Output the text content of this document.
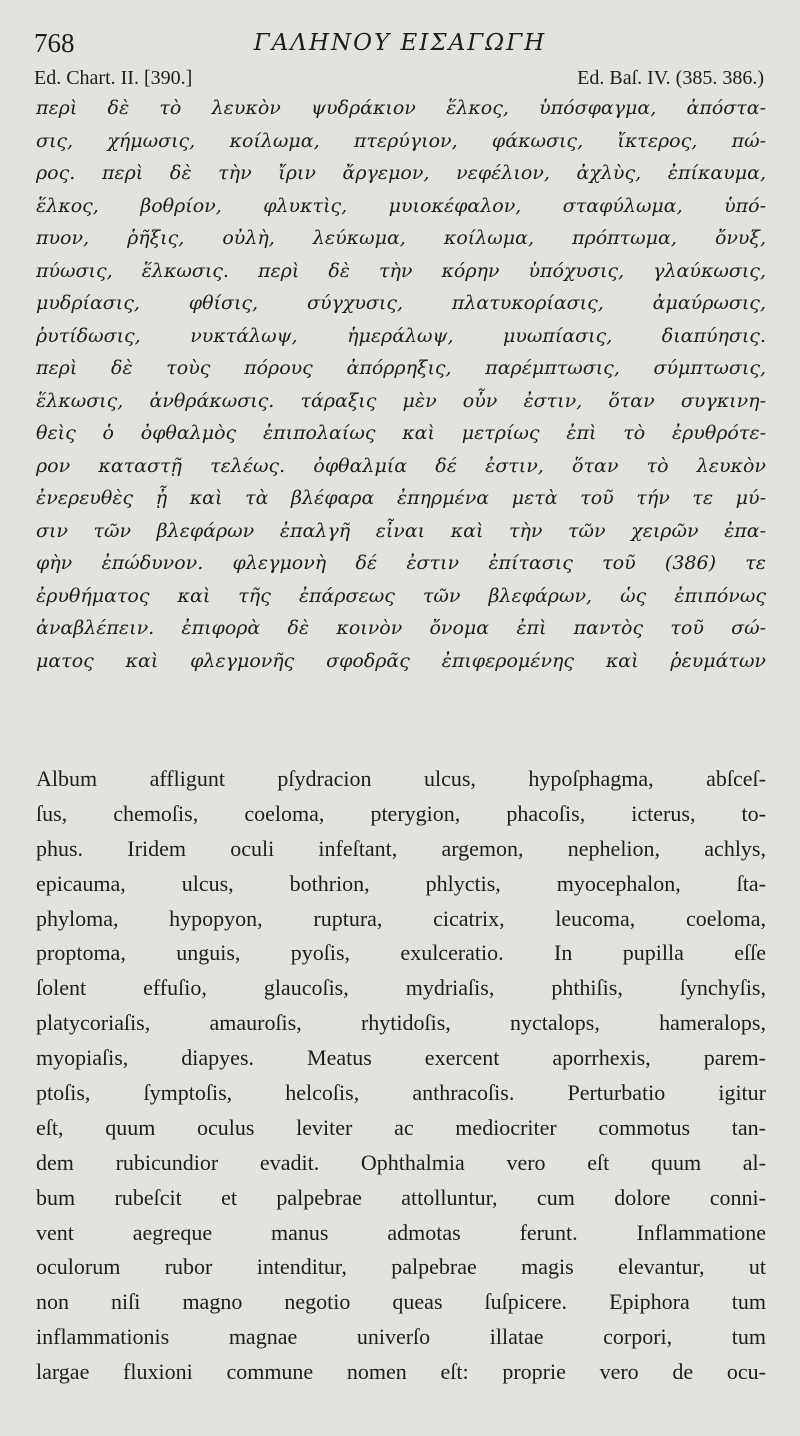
768	ΓΑΛΗΝΟΥ ΕΙΣΑΓΩΓΗ
Ed. Chart. II. [390.]	Ed. Baſ. IV. (385. 386.)
περὶ δὲ τὸ λευκὸν ψυδράκιον ἕλκος, ὑπόσφαγμα, ἀπόστα-
σις, χήμωσις, κοίλωμα, πτερύγιον, φάκωσις, ἴκτερος, πώ-
ρος. περὶ δὲ τὴν ἴριν ἄργεμον, νεφέλιον, ἀχλὺς, ἐπίκαυμα,
ἕλκος, βοθρίον, φλυκτὶς, μυιοκέφαλον, σταφύλωμα, ὑπό-
πυον, ῥῆξις, οὐλὴ, λεύκωμα, κοίλωμα, πρόπτωμα, ὄνυξ,
πύωσις, ἕλκωσις. περὶ δὲ τὴν κόρην ὑπόχυσις, γλαύκωσις,
μυδρίασις, φθίσις, σύγχυσις, πλατυκορίασις, ἀμαύρωσις,
ῥυτίδωσις, νυκτάλωψ, ἡμεράλωψ, μυωπίασις, διαπύησις.
περὶ δὲ τοὺς πόρους ἀπόρρηξις, παρέμπτωσις, σύμπτωσις,
ἕλκωσις, ἀνθράκωσις. τάραξις μὲν οὖν ἐστιν, ὅταν συγκινη-
θεὶς ὁ ὀφθαλμὸς ἐπιπολαίως καὶ μετρίως ἐπὶ τὸ ἐρυθρότε-
ρον καταστῇ τελέως. ὀφθαλμία δέ ἐστιν, ὅταν τὸ λευκὸν
ἐνερευθὲς ᾖ καὶ τὰ βλέφαρα ἐπηρμένα μετὰ τοῦ τήν τε μύ-
σιν τῶν βλεφάρων ἐπαλγῆ εἶναι καὶ τὴν τῶν χειρῶν ἐπα-
φὴν ἐπώδυνον. φλεγμονὴ δέ ἐστιν ἐπίτασις τοῦ (386) τε
ἐρυθήματος καὶ τῆς ἐπάρσεως τῶν βλεφάρων, ὡς ἐπιπόνως
ἀναβλέπειν. ἐπιφορὰ δὲ κοινὸν ὄνομα ἐπὶ παντὸς τοῦ σώ-
ματος καὶ φλεγμονῆς σφοδρᾶς ἐπιφερομένης καὶ ῥευμάτων
Album affligunt pſydracion ulcus, hypoſphagma, abſceſ-
ſus, chemoſis, coeloma, pterygion, phacoſis, icterus, to-
phus. Iridem oculi infeſtant, argemon, nephelion, achlys,
epicauma, ulcus, bothrion, phlyctis, myocephalon, ſta-
phyloma, hypopyon, ruptura, cicatrix, leucoma, coeloma,
proptoma, unguis, pyoſis, exulceratio. In pupilla eſſe
ſolent effuſio, glaucoſis, mydriaſis, phthiſis, ſynchyſis,
platycoriaſis, amauroſis, rhytidoſis, nyctalops, hameralops,
myopiaſis, diapyes. Meatus exercent aporrhexis, parem-
ptoſis, ſymptoſis, helcoſis, anthracoſis. Perturbatio igitur
eſt, quum oculus leviter ac mediocriter commotus tan-
dem rubicundior evadit. Ophthalmia vero eſt quum al-
bum rubeſcit et palpebrae attolluntur, cum dolore conni-
vent aegreque manus admotas ferunt. Inflammatione
oculorum rubor intenditur, palpebrae magis elevantur, ut
non niſi magno negotio queas ſuſpicere. Epiphora tum
inflammationis magnae univerſo illatae corpori, tum
largae fluxioni commune nomen eſt: proprie vero de ocu-
